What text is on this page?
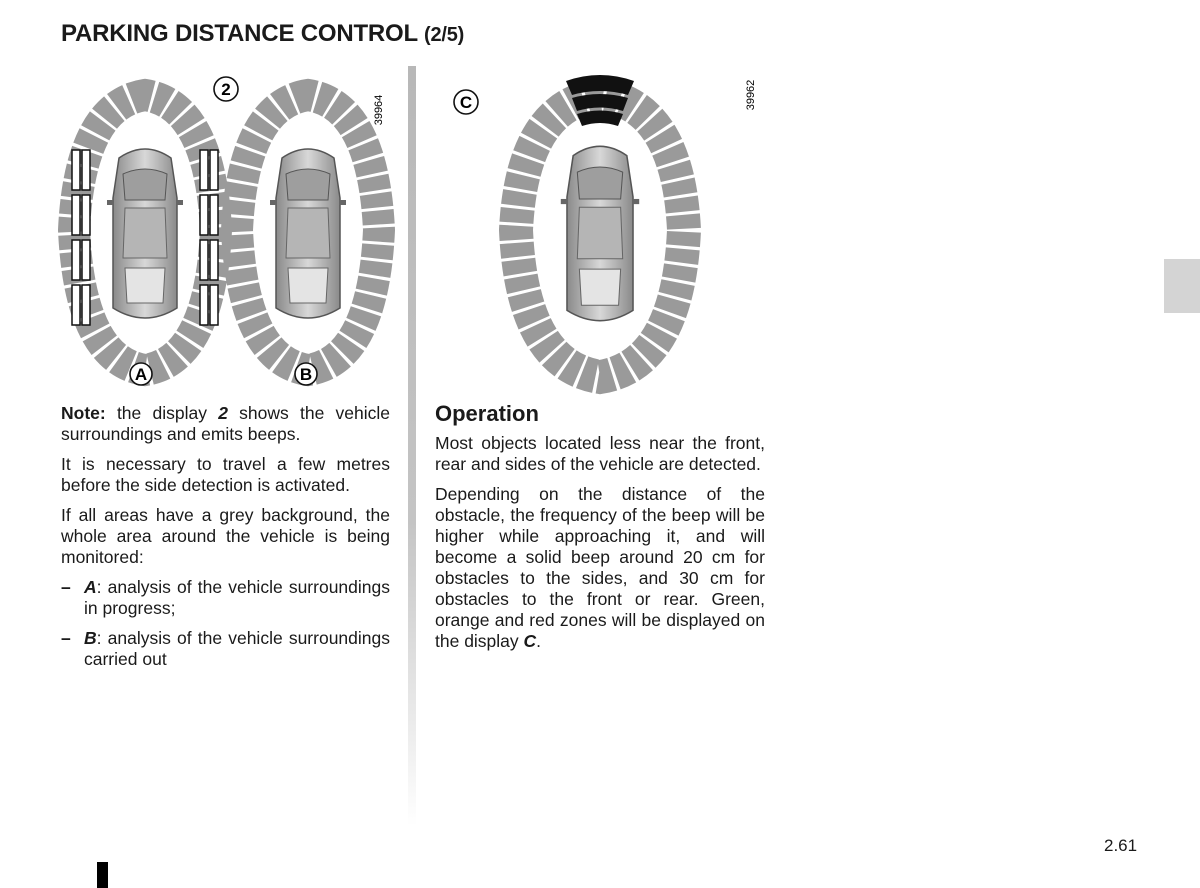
PARKING DISTANCE CONTROL (2/5)
2
39964
A	B
C	39962

Note: the display 2 shows the vehicle surroundings and emits beeps.

It is necessary to travel a few metres before the side detection is activated.

If all areas have a grey background, the whole area around the vehicle is being monitored:

– A: analysis of the vehicle surroundings in progress;
– B: analysis of the vehicle surroundings carried out
Operation

Most objects located less near the front, rear and sides of the vehicle are detected.

Depending on the distance of the obstacle, the frequency of the beep will be higher while approaching it, and will become a solid beep around 20 cm for obstacles to the sides, and 30 cm for obstacles to the front or rear. Green, orange and red zones will be displayed on the display C.

2.61
